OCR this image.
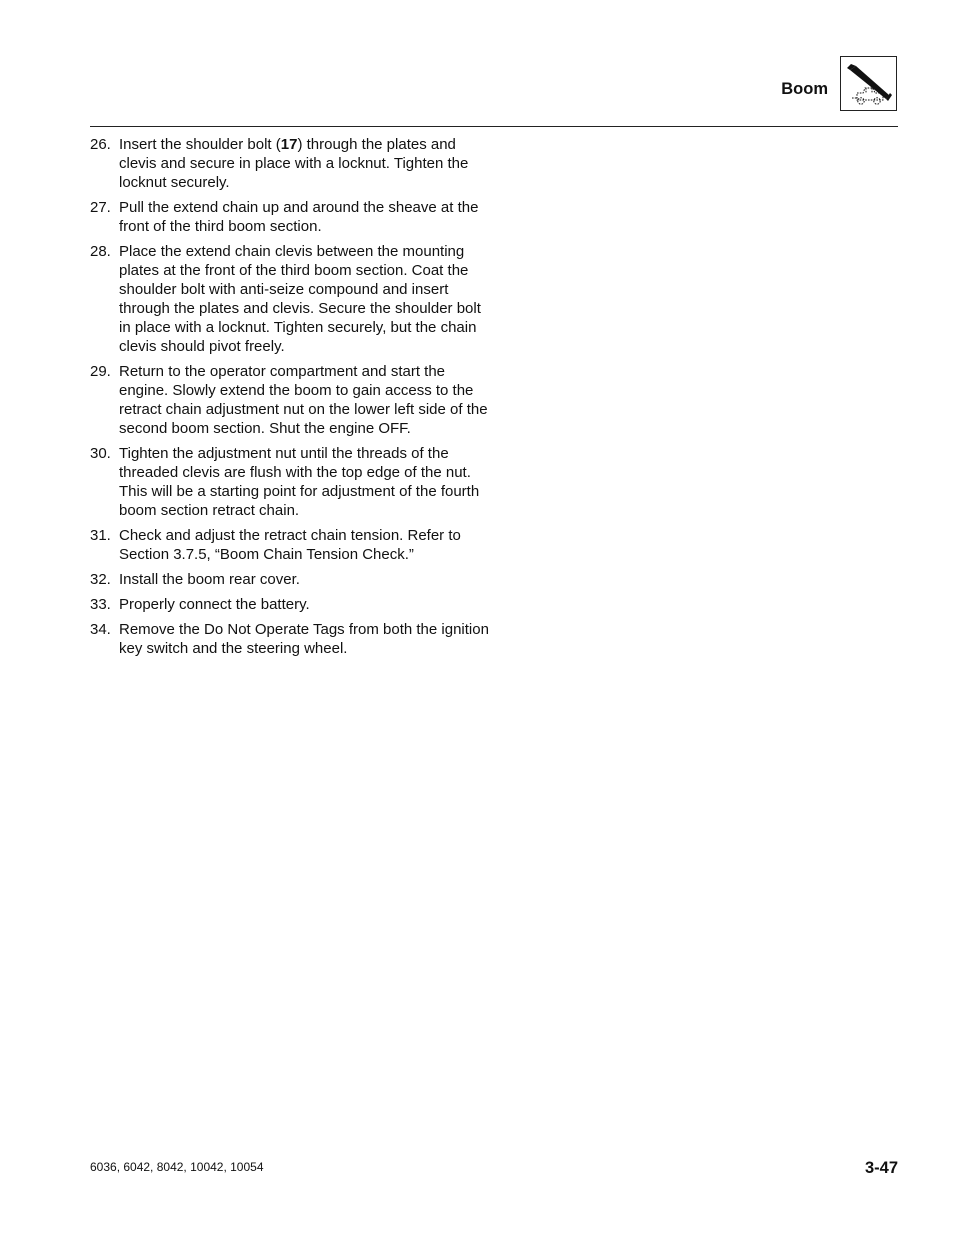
Boom
26. Insert the shoulder bolt (17) through the plates and clevis and secure in place with a locknut. Tighten the locknut securely.
27. Pull the extend chain up and around the sheave at the front of the third boom section.
28. Place the extend chain clevis between the mounting plates at the front of the third boom section. Coat the shoulder bolt with anti-seize compound and insert through the plates and clevis. Secure the shoulder bolt in place with a locknut. Tighten securely, but the chain clevis should pivot freely.
29. Return to the operator compartment and start the engine. Slowly extend the boom to gain access to the retract chain adjustment nut on the lower left side of the second boom section. Shut the engine OFF.
30. Tighten the adjustment nut until the threads of the threaded clevis are flush with the top edge of the nut. This will be a starting point for adjustment of the fourth boom section retract chain.
31. Check and adjust the retract chain tension. Refer to Section 3.7.5, “Boom Chain Tension Check.”
32. Install the boom rear cover.
33. Properly connect the battery.
34. Remove the Do Not Operate Tags from both the ignition key switch and the steering wheel.
6036, 6042, 8042, 10042, 10054	3-47
